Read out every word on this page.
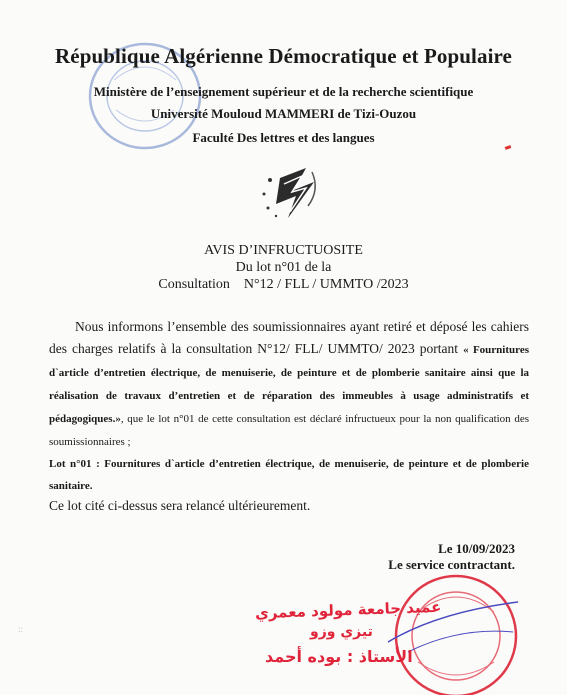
République Algérienne Démocratique et Populaire
Ministère de l’enseignement supérieur et de la recherche scientifique
Université Mouloud MAMMERI de Tizi-Ouzou
Faculté Des lettres et des langues
AVIS D’INFRUCTUOSITE
Du lot n°01 de la
Consultation    N°12 / FLL / UMMTO /2023
Nous informons l’ensemble des soumissionnaires ayant retiré et déposé les cahiers des charges relatifs à la consultation N°12/ FLL/ UMMTO/ 2023 portant « Fournitures d`article d’entretien électrique, de menuiserie, de peinture et de plomberie sanitaire ainsi que la réalisation de travaux d’entretien et de réparation des immeubles à usage administratifs et pédagogiques.», que le lot n°01 de cette consultation est déclaré infructueux pour la non qualification des soumissionnaires ;
Lot n°01 : Fournitures d`article d’entretien électrique, de menuiserie, de peinture et de plomberie sanitaire.
Ce lot cité ci-dessus sera relancé ultérieurement.
Le 10/09/2023
Le service contractant.
عميد جامعة مولود معمري
تيزي وزو
الأستاذ : بوده أحمد
::
